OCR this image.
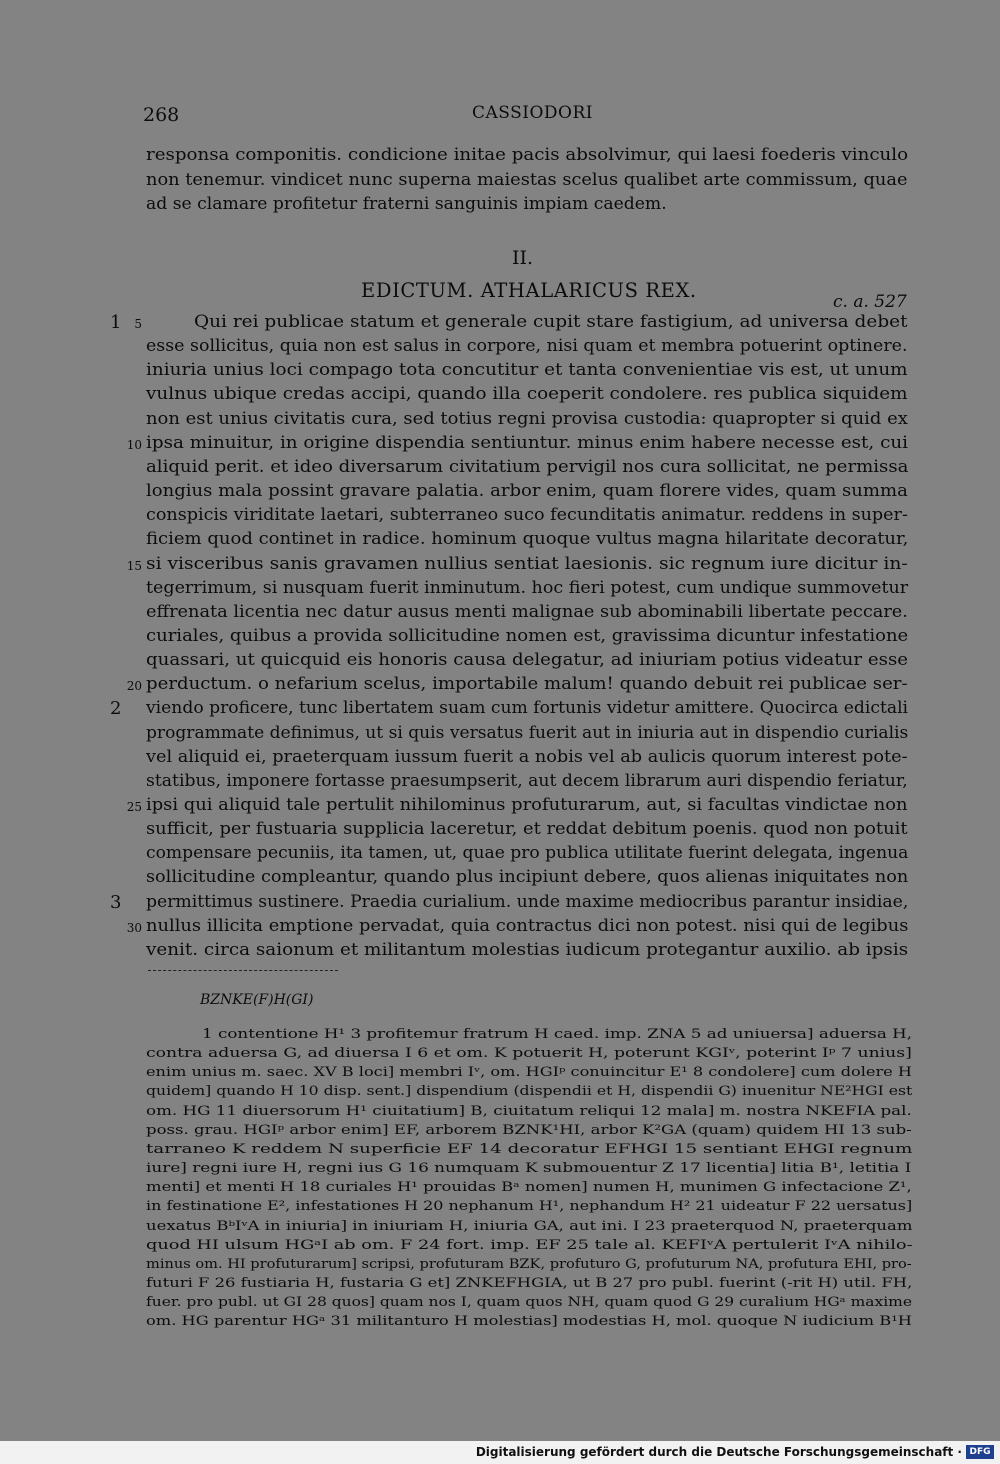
268	CASSIODORI
responsa componitis. condicione initae pacis absolvimur, qui laesi foederis vinculo
non tenemur. vindicet nunc superna maiestas scelus qualibet arte commissum, quae
ad se clamare profitetur fraterni sanguinis impiam caedem.
II.
EDICTUM. ATHALARICUS REX.	c. a. 527
Qui rei publicae statum et generale cupit stare fastigium, ad universa debet
esse sollicitus, quia non est salus in corpore, nisi quam et membra potuerint optinere.
iniuria unius loci compago tota concutitur et tanta convenientiae vis est, ut unum
vulnus ubique credas accipi, quando illa coeperit condolere. res publica siquidem
non est unius civitatis cura, sed totius regni provisa custodia: quapropter si quid ex
ipsa minuitur, in origine dispendia sentiuntur. minus enim habere necesse est, cui
aliquid perit. et ideo diversarum civitatium pervigil nos cura sollicitat, ne permissa
longius mala possint gravare palatia. arbor enim, quam florere vides, quam summa
conspicis viriditate laetari, subterraneo suco fecunditatis animatur. reddens in super-
ficiem quod continet in radice. hominum quoque vultus magna hilaritate decoratur,
si visceribus sanis gravamen nullius sentiat laesionis. sic regnum iure dicitur in-
tegerrimum, si nusquam fuerit inminutum. hoc fieri potest, cum undique summovetur
effrenata licentia nec datur ausus menti malignae sub abominabili libertate peccare.
curiales, quibus a provida sollicitudine nomen est, gravissima dicuntur infestatione
quassari, ut quicquid eis honoris causa delegatur, ad iniuriam potius videatur esse
perductum. o nefarium scelus, importabile malum! quando debuit rei publicae ser-
viendo proficere, tunc libertatem suam cum fortunis videtur amittere. Quocirca edictali
programmate definimus, ut si quis versatus fuerit aut in iniuria aut in dispendio curialis
vel aliquid ei, praeterquam iussum fuerit a nobis vel ab aulicis quorum interest pote-
statibus, imponere fortasse praesumpserit, aut decem librarum auri dispendio feriatur,
ipsi qui aliquid tale pertulit nihilominus profuturarum, aut, si facultas vindictae non
sufficit, per fustuaria supplicia laceretur, et reddat debitum poenis. quod non potuit
compensare pecuniis, ita tamen, ut, quae pro publica utilitate fuerint delegata, ingenua
sollicitudine compleantur, quando plus incipiunt debere, quos alienas iniquitates non
permittimus sustinere. Praedia curialium. unde maxime mediocribus parantur insidiae,
nullus illicita emptione pervadat, quia contractus dici non potest. nisi qui de legibus
venit. circa saionum et militantum molestias iudicum protegantur auxilio. ab ipsis
5
10
15
20
25
30
1
2
3
BZNKE(F)H(GI)
1 contentione H¹ 3 profitemur fratrum H caed. imp. ZNA 5 ad uniuersa] aduersa H,
contra aduersa G, ad diuersa I 6 et om. K potuerit H, poterunt KGIᵛ, poterint Iᵖ 7 unius]
enim unius m. saec. XV B loci] membri Iᵛ, om. HGIᵖ conuincitur E¹ 8 condolere] cum dolere H
quidem] quando H 10 disp. sent.] dispendium (dispendii et H, dispendii G) inuenitur NE²HGI est
om. HG 11 diuersorum H¹ ciuitatium] B, ciuitatum reliqui 12 mala] m. nostra NKEFIA pal.
poss. grau. HGIᵖ arbor enim] EF, arborem BZNK¹HI, arbor K²GA (quam) quidem HI 13 sub-
tarraneo K reddem N superficie EF 14 decoratur EFHGI 15 sentiant EHGI regnum
iure] regni iure H, regni ius G 16 numquam K submouentur Z 17 licentia] litia B¹, letitia I
menti] et menti H 18 curiales H¹ prouidas Bᵃ nomen] numen H, munimen G infectacione Z¹,
in festinatione E², infestationes H 20 nephanum H¹, nephandum H² 21 uideatur F 22 uersatus]
uexatus BᵇIᵛA in iniuria] in iniuriam H, iniuria GA, aut ini. I 23 praeterquod N, praeterquam
quod HI ulsum HGᵃI ab om. F 24 fort. imp. EF 25 tale al. KEFIᵛA pertulerit IᵛA nihilo-
minus om. HI profuturarum] scripsi, profuturam BZK, profuturo G, profuturum NA, profutura EHI, pro-
futuri F 26 fustiaria H, fustaria G et] ZNKEFHGIA, ut B 27 pro publ. fuerint (-rit H) util. FH,
fuer. pro publ. ut GI 28 quos] quam nos I, quam quos NH, quam quod G 29 curalium HGᵃ maxime
om. HG parentur HGᵃ 31 militanturo H molestias] modestias H, mol. quoque N iudicium B¹H
Digitalisierung gefördert durch die Deutsche Forschungsgemeinschaft · DFG
